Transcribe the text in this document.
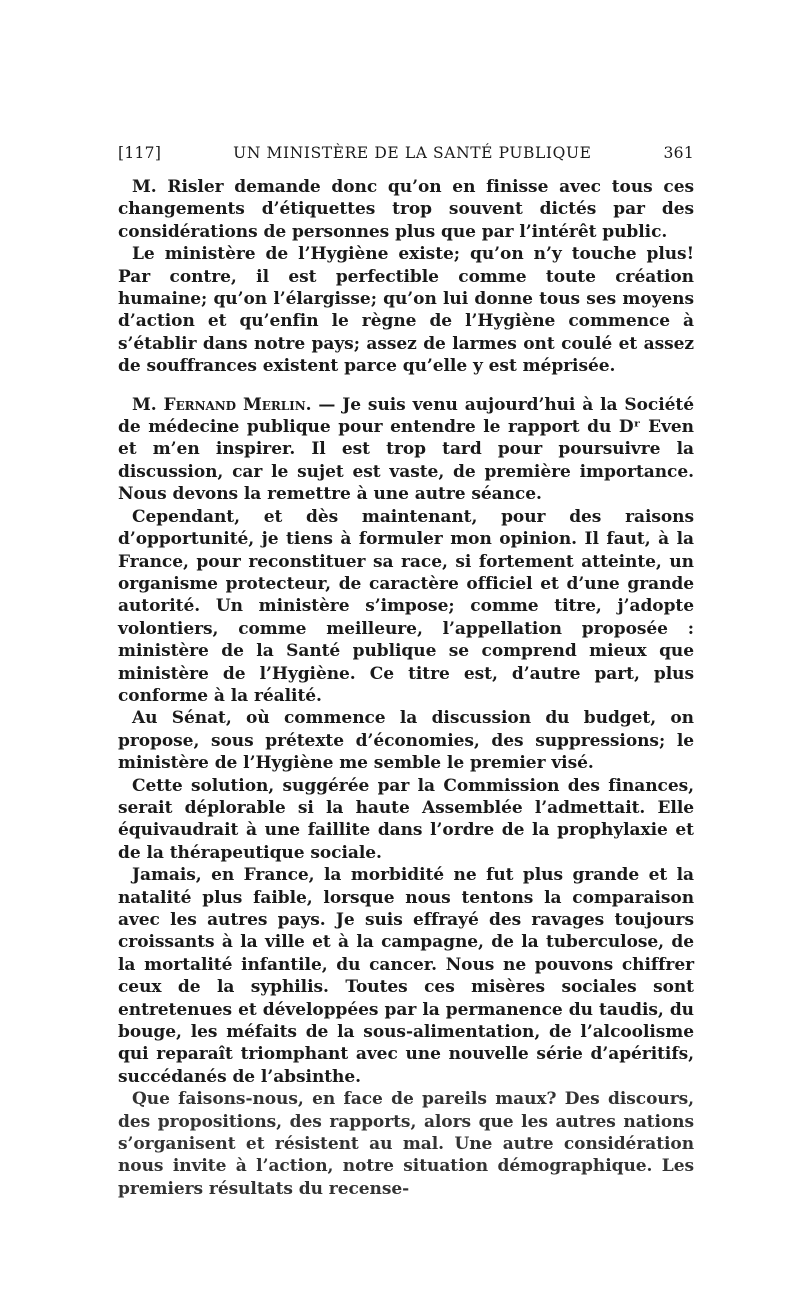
[117]	UN MINISTÈRE DE LA SANTÉ PUBLIQUE	361

M. Risler demande donc qu’on en finisse avec tous ces changements d’étiquettes trop souvent dictés par des considérations de personnes plus que par l’intérêt public.

Le ministère de l’Hygiène existe; qu’on n’y touche plus! Par contre, il est perfectible comme toute création humaine; qu’on l’élargisse; qu’on lui donne tous ses moyens d’action et qu’enfin le règne de l’Hygiène commence à s’établir dans notre pays; assez de larmes ont coulé et assez de souffrances existent parce qu’elle y est méprisée.

M. Fernand Merlin. — Je suis venu aujourd’hui à la Société de médecine publique pour entendre le rapport du Dʳ Even et m’en inspirer. Il est trop tard pour poursuivre la discussion, car le sujet est vaste, de première importance. Nous devons la remettre à une autre séance.

Cependant, et dès maintenant, pour des raisons d’opportunité, je tiens à formuler mon opinion. Il faut, à la France, pour reconstituer sa race, si fortement atteinte, un organisme protecteur, de caractère officiel et d’une grande autorité. Un ministère s’impose; comme titre, j’adopte volontiers, comme meilleure, l’appellation proposée : ministère de la Santé publique se comprend mieux que ministère de l’Hygiène. Ce titre est, d’autre part, plus conforme à la réalité.

Au Sénat, où commence la discussion du budget, on propose, sous prétexte d’économies, des suppressions; le ministère de l’Hygiène me semble le premier visé.

Cette solution, suggérée par la Commission des finances, serait déplorable si la haute Assemblée l’admettait. Elle équivaudrait à une faillite dans l’ordre de la prophylaxie et de la thérapeutique sociale.

Jamais, en France, la morbidité ne fut plus grande et la natalité plus faible, lorsque nous tentons la comparaison avec les autres pays. Je suis effrayé des ravages toujours croissants à la ville et à la campagne, de la tuberculose, de la mortalité infantile, du cancer. Nous ne pouvons chiffrer ceux de la syphilis. Toutes ces misères sociales sont entretenues et développées par la permanence du taudis, du bouge, les méfaits de la sous-alimentation, de l’alcoolisme qui reparaît triomphant avec une nouvelle série d’apéritifs, succédanés de l’absinthe.

Que faisons-nous, en face de pareils maux? Des discours, des propositions, des rapports, alors que les autres nations s’organisent et résistent au mal. Une autre considération nous invite à l’action, notre situation démographique. Les premiers résultats du recense-
